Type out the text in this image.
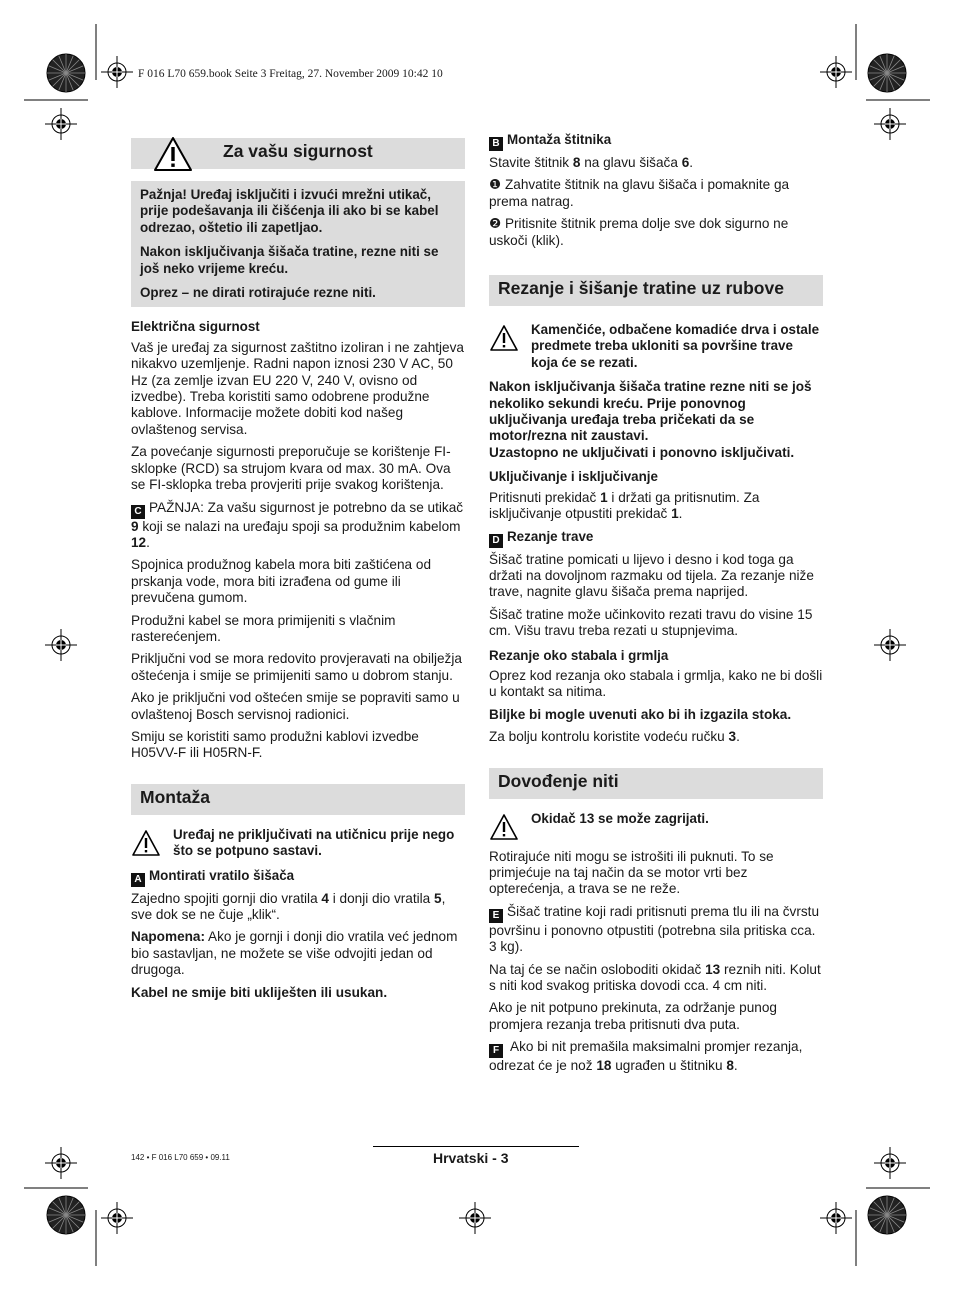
F 016 L70 659.book Seite 3 Freitag, 27. November 2009 10:42 10
Za vašu sigurnost

Pažnja! Uređaj isključiti i izvući mrežni utikač, prije podešavanja ili čišćenja ili ako bi se kabel odrezao, oštetio ili zapetljao.

Nakon isključivanja šišača tratine, rezne niti se još neko vrijeme kreću.

Oprez – ne dirati rotirajuće rezne niti.

Električna sigurnost

Vaš je uređaj za sigurnost zaštitno izoliran i ne zahtjeva nikakvo uzemljenje. Radni napon iznosi 230 V AC, 50 Hz (za zemlje izvan EU 220 V, 240 V, ovisno od izvedbe). Treba koristiti samo odobrene produžne kablove. Informacije možete dobiti kod našeg ovlaštenog servisa.

Za povećanje sigurnosti preporučuje se korištenje FI-sklopke (RCD) sa strujom kvara od max. 30 mA. Ova se FI-sklopka treba provjeriti prije svakog korištenja.

C PAŽNJA: Za vašu sigurnost je potrebno da se utikač 9 koji se nalazi na uređaju spoji sa produžnim kabelom 12.

Spojnica produžnog kabela mora biti zaštićena od prskanja vode, mora biti izrađena od gume ili prevučena gumom.

Produžni kabel se mora primijeniti s vlačnim rasterećenjem.

Priključni vod se mora redovito provjeravati na obilježja oštećenja i smije se primijeniti samo u dobrom stanju.

Ako je priključni vod oštećen smije se popraviti samo u ovlaštenoj Bosch servisnoj radionici.

Smiju se koristiti samo produžni kablovi izvedbe H05VV-F ili H05RN-F.

Montaža
Uređaj ne priključivati na utičnicu prije nego što se potpuno sastavi.
A Montirati vratilo šišača

Zajedno spojiti gornji dio vratila 4 i donji dio vratila 5, sve dok se ne čuje „klik“.

Napomena: Ako je gornji i donji dio vratila već jednom bio sastavljan, ne možete se više odvojiti jedan od drugoga.

Kabel ne smije biti ukliješten ili usukan.

B Montaža štitnika

Stavite štitnik 8 na glavu šišača 6.

❶ Zahvatite štitnik na glavu šišača i pomaknite ga prema natrag.

❷ Pritisnite štitnik prema dolje sve dok sigurno ne uskoči (klik).

Rezanje i šišanje tratine uz rubove
Kamenčiće, odbačene komadiće drva i ostale predmete treba ukloniti sa površine trave koja će se rezati.

Nakon isključivanja šišača tratine rezne niti se još nekoliko sekundi kreću. Prije ponovnog uključivanja uređaja treba pričekati da se motor/rezna nit zaustavi.

Uzastopno ne uključivati i ponovno isključivati.

Uključivanje i isključivanje

Pritisnuti prekidač 1 i držati ga pritisnutim. Za isključivanje otpustiti prekidač 1.

D Rezanje trave

Šišač tratine pomicati u lijevo i desno i kod toga ga držati na dovoljnom razmaku od tijela. Za rezanje niže trave, nagnite glavu šišača prema naprijed.

Šišač tratine može učinkovito rezati travu do visine 15 cm. Višu travu treba rezati u stupnjevima.

Rezanje oko stabala i grmlja

Oprez kod rezanja oko stabala i grmlja, kako ne bi došli u kontakt sa nitima.

Biljke bi mogle uvenuti ako bi ih izgazila stoka.

Za bolju kontrolu koristite vodeću ručku 3.

Dovođenje niti
Okidač 13 se može zagrijati.

Rotirajuće niti mogu se istrošiti ili puknuti. To se primjećuje na taj način da se motor vrti bez opterećenja, a trava se ne reže.

E Šišač tratine koji radi pritisnuti prema tlu ili na čvrstu površinu i ponovno otpustiti (potrebna sila pritiska cca. 3 kg).

Na taj će se način osloboditi okidač 13 reznih niti. Kolut s niti kod svakog pritiska dovodi cca. 4 cm niti.

Ako je nit potpuno prekinuta, za održanje punog promjera rezanja treba pritisnuti dva puta.

F Ako bi nit premašila maksimalni promjer rezanja, odrezat će je nož 18 ugrađen u štitniku 8.

Hrvatski - 3
142 • F 016 L70 659 • 09.11
